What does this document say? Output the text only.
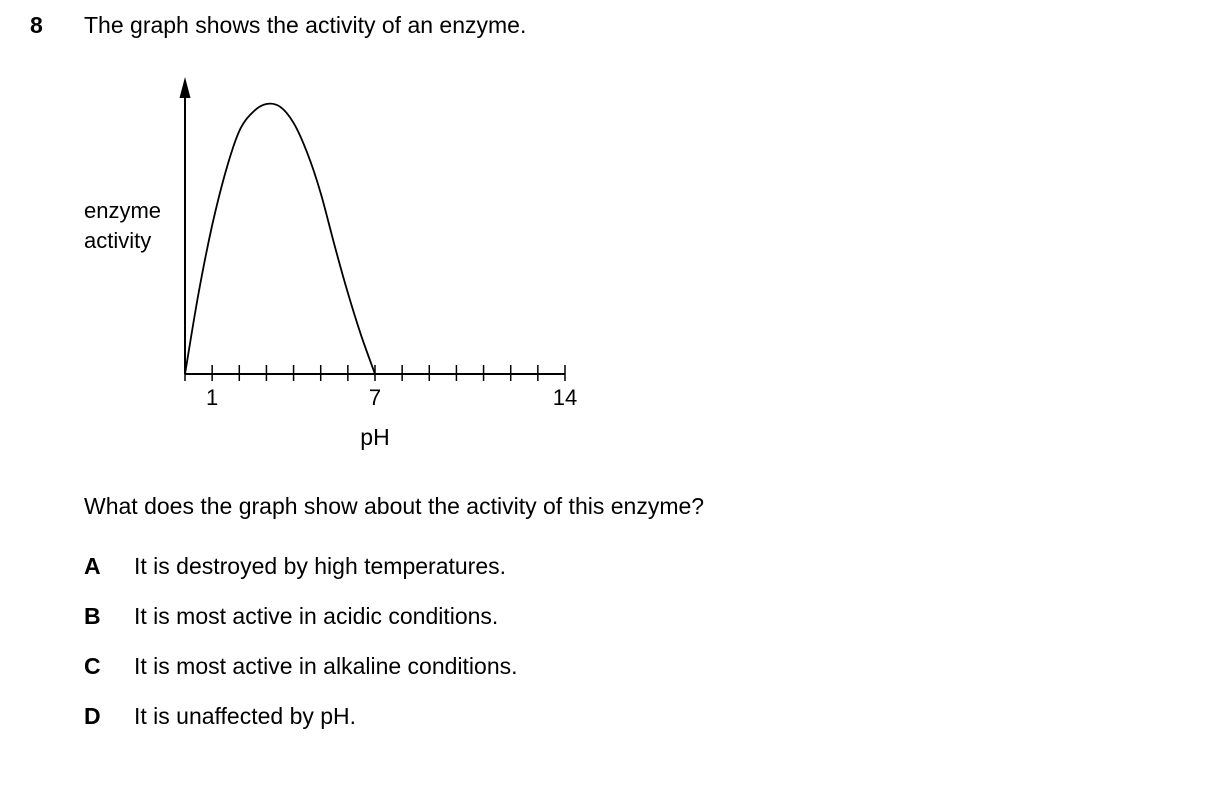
8 The graph shows the activity of an enzyme.
enzyme
activity
1	7	14
pH
What does the graph show about the activity of this enzyme?
A	It is destroyed by high temperatures.
B	It is most active in acidic conditions.
C	It is most active in alkaline conditions.
D	It is unaffected by pH.
